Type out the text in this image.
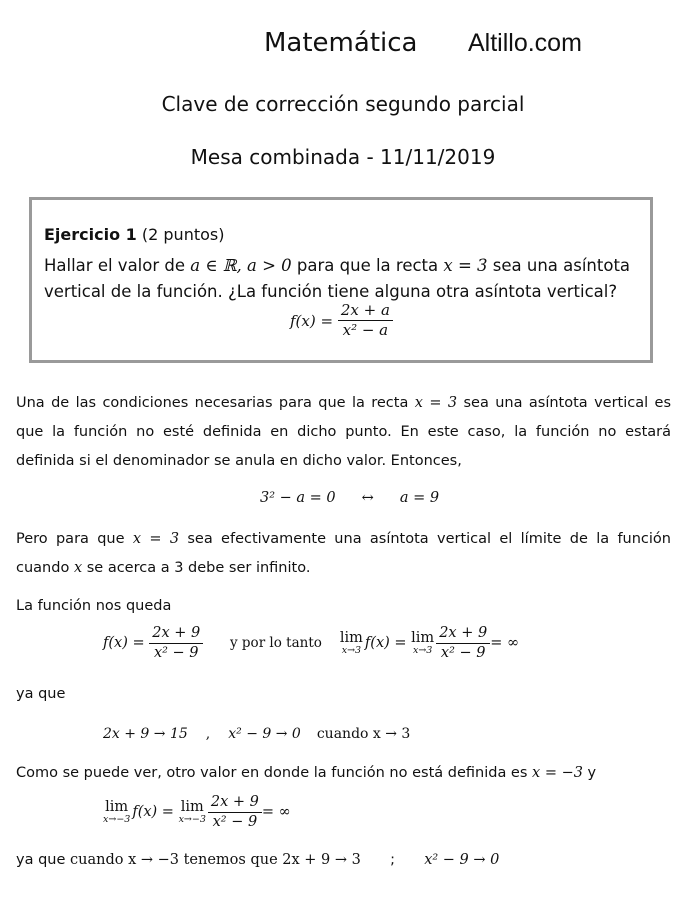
Matemática Altillo.com
Clave de corrección segundo parcial
Mesa combinada - 11/11/2019
Ejercicio 1 (2 puntos)
Hallar el valor de a ∈ ℝ, a > 0 para que la recta x = 3 sea una asíntota
vertical de la función. ¿La función tiene alguna otra asíntota vertical?
f(x) =
$\frac{2x + a}{\text{x² − a}}$
Una de las condiciones necesarias para que la recta x = 3 sea una asíntota vertical es que la función no esté definida en dicho punto. En este caso, la función no estará definida si el denominador se anula en dicho valor. Entonces,
3² − a = 0 ↔ a = 9
Pero para que x = 3 sea efectivamente una asíntota vertical el límite de la función cuando x se acerca a 3 debe ser infinito.
La función nos queda
f(x) =
$\frac{2x + 9}{\text{x² − 9}}$ y por lo tanto lim
x→3 f(x) =
lim
$x\to 3 \frac{2x + 9}{\text{x² − 9}}$ = ∞
ya que
2x + 9 → 15 , x² − 9 → 0 cuando x → 3
Como se puede ver, otro valor en donde la función no está definida es x = −3 y
lim
x→−3 f(x) =
lim
$x\to-3 \frac{2x + 9}{\text{x² − 9}}$ = ∞
ya que cuando x → −3 tenemos que 2x + 9 → 3 ; x² − 9 → 0
